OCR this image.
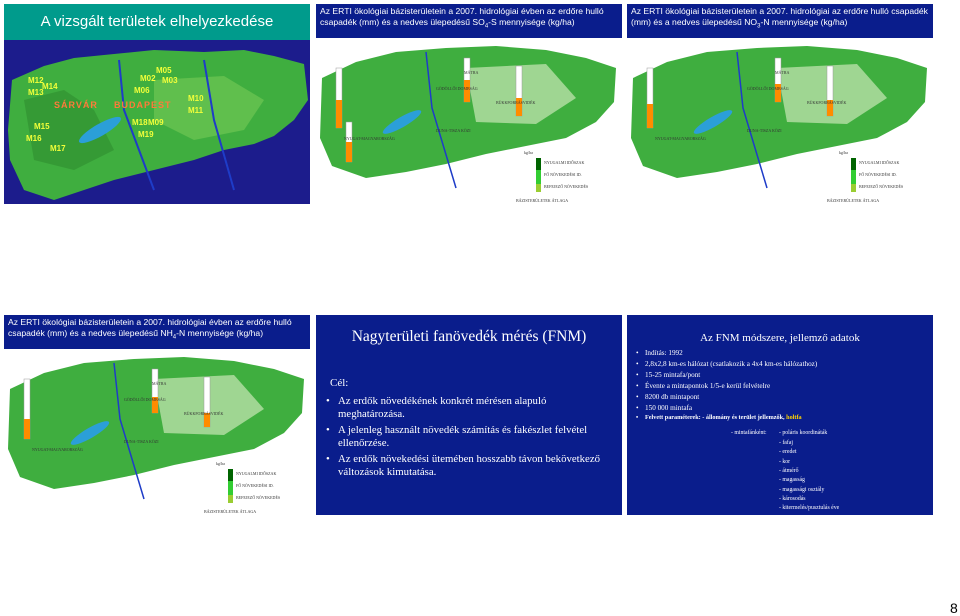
A vizsgált területek elhelyezkedése
M12
M14
M13
M05
M02 M03
M06
M10
M11
M18 M09
M15
M19
M16
M17
SÁRVÁR BUDAPEST
Az ERTI ökológiai bázisterületein a 2007. hidrológiai évben az erdőre hulló
csapadék (mm) és a nedves ülepedésű $SO_4-S$ mennyisége (kg/ha)
MÁTRA
GÖDÖLLŐI DOMBSÁG
BÜKKFORRÁSVIDÉK
DUNA-TISZA KÖZI
NYUGAT-MAGYARORSZÁG
kg/ha
NYUGALMI IDŐSZAK
FŐ NÖVEKEDÉSI ID.
BEFEJEZŐ NÖVEKEDÉS
BÁZISTERÜLETEK ÁTLAGA
Az ERTI ökológiai bázisterületein a 2007. hidrológiai az erdőre hulló csapadék
(mm) és a nedves ülepedésű $NO_3-N$ mennyisége (kg/ha)
MÁTRA
GÖDÖLLŐI DOMBSÁG
BÜKKFORRÁSVIDÉK
DUNA-TISZA KÖZI
NYUGAT-MAGYARORSZÁG
kg/ha
NYUGALMI IDŐSZAK
FŐ NÖVEKEDÉSI ID.
BEFEJEZŐ NÖVEKEDÉS
BÁZISTERÜLETEK ÁTLAGA
Az ERTI ökológiai bázisterületein a 2007. hidrológiai évben az erdőre hulló
csapadék (mm) és a nedves ülepedésű $NH_4-N$ mennyisége (kg/ha)
MÁTRA
GÖDÖLLŐI DOMBSÁG
BÜKKFORRÁSVIDÉK
DUNA-TISZA KÖZI
NYUGAT-MAGYARORSZÁG
kg/ha
NYUGALMI IDŐSZAK
FŐ NÖVEKEDÉSI ID.
BEFEJEZŐ NÖVEKEDÉS
BÁZISTERÜLETEK ÁTLAGA
Nagyterületi fanövedék mérés (FNM)
Cél:
• Az erdők növedékének konkrét mérésen alapuló meghatározása.
• A jelenleg használt növedék számítás és fakészlet felvétel ellenőrzése.
• Az erdők növekedési ütemében hosszabb távon bekövetkező változások kimutatása.
Az FNM módszere, jellemző adatok
• Indítás: 1992
• 2,8x2,8 km-es hálózat (csatlakozik a 4x4 km-es hálózathoz)
• 15-25 mintafa/pont
• Évente a mintapontok 1/5-e kerül felvételre
• 8200 db mintapont
• 150 000 mintafa
• Felvett paraméterek: - állomány és terület jellemzők, holtfa
- mintafánként: - poláris koordináták
- fafaj
- eredet
- kor
- átmérő
- magasság
- magassági osztály
- károsodás
- kitermelés/pusztulás éve
8
